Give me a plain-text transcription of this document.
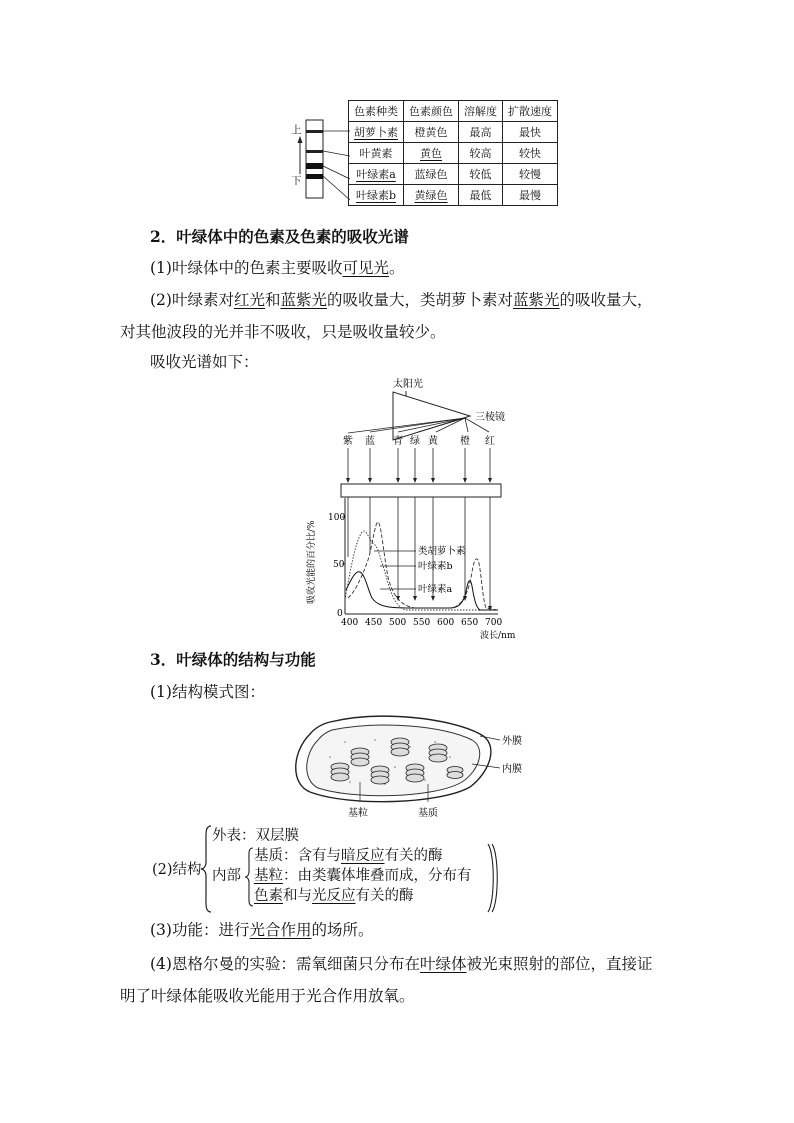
上
下
色素种类	色素颜色	溶解度	扩散速度
胡萝卜素	橙黄色	最高	最快
叶黄素	黄色	较高	较快
叶绿素a	蓝绿色	较低	较慢
叶绿素b	黄绿色	最低	最慢
2．叶绿体中的色素及色素的吸收光谱
(1)叶绿体中的色素主要吸收可见光。
(2)叶绿素对红光和蓝紫光的吸收量大，类胡萝卜素对蓝紫光的吸收量大，
对其他波段的光并非不吸收，只是吸收量较少。
吸收光谱如下：
太阳光
三棱镜
紫 蓝 青 绿 黄 橙 红
100
50
0
400 450 500 550 600 650 700
波长/nm
吸收光能的百分比/%	类胡萝卜素
叶绿素b
叶绿素a
3．叶绿体的结构与功能
(1)结构模式图：
外膜
内膜
基粒	基质
(2)结构
外表：双层膜
内部
基质：含有与暗反应有关的酶
基粒：由类囊体堆叠而成，分布有
色素和与光反应有关的酶
(3)功能：进行光合作用的场所。
(4)恩格尔曼的实验：需氧细菌只分布在叶绿体被光束照射的部位，直接证
明了叶绿体能吸收光能用于光合作用放氧。
